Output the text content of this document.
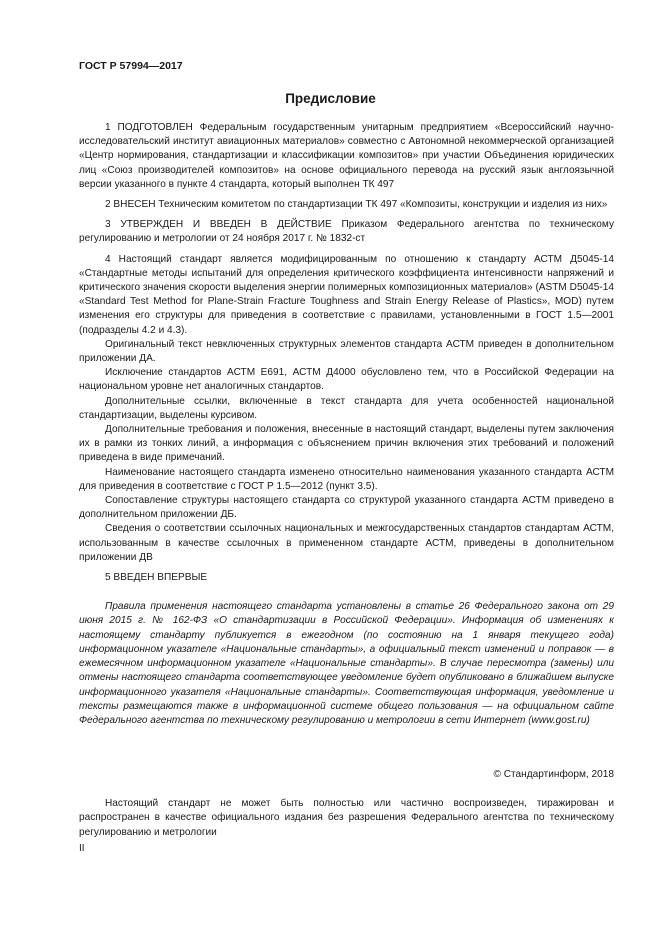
ГОСТ Р 57994—2017
Предисловие

1 ПОДГОТОВЛЕН Федеральным государственным унитарным предприятием «Всероссийский научно-исследовательский институт авиационных материалов» совместно с Автономной некоммерческой организацией «Центр нормирования, стандартизации и классификации композитов» при участии Объединения юридических лиц «Союз производителей композитов» на основе официального перевода на русский язык англоязычной версии указанного в пункте 4 стандарта, который выполнен ТК 497

2 ВНЕСЕН Техническим комитетом по стандартизации ТК 497 «Композиты, конструкции и изделия из них»

3 УТВЕРЖДЕН И ВВЕДЕН В ДЕЙСТВИЕ Приказом Федерального агентства по техническому регулированию и метрологии от 24 ноября 2017 г. № 1832-ст

4 Настоящий стандарт является модифицированным по отношению к стандарту АСТМ Д5045-14 «Стандартные методы испытаний для определения критического коэффициента интенсивности напряжений и критического значения скорости выделения энергии полимерных композиционных материалов» (ASTM D5045-14 «Standard Test Method for Plane-Strain Fracture Toughness and Strain Energy Release of Plastics», MOD) путем изменения его структуры для приведения в соответствие с правилами, установленными в ГОСТ 1.5—2001 (подразделы 4.2 и 4.3).

Оригинальный текст невключенных структурных элементов стандарта АСТМ приведен в дополнительном приложении ДА.

Исключение стандартов АСТМ Е691, АСТМ Д4000 обусловлено тем, что в Российской Федерации на национальном уровне нет аналогичных стандартов.

Дополнительные ссылки, включенные в текст стандарта для учета особенностей национальной стандартизации, выделены курсивом.

Дополнительные требования и положения, внесенные в настоящий стандарт, выделены путем заключения их в рамки из тонких линий, а информация с объяснением причин включения этих требований и положений приведена в виде примечаний.

Наименование настоящего стандарта изменено относительно наименования указанного стандарта АСТМ для приведения в соответствие с ГОСТ Р 1.5—2012 (пункт 3.5).

Сопоставление структуры настоящего стандарта со структурой указанного стандарта АСТМ приведено в дополнительном приложении ДБ.

Сведения о соответствии ссылочных национальных и межгосударственных стандартов стандартам АСТМ, использованным в качестве ссылочных в примененном стандарте АСТМ, приведены в дополнительном приложении ДВ

5 ВВЕДЕН ВПЕРВЫЕ

Правила применения настоящего стандарта установлены в статье 26 Федерального закона от 29 июня 2015 г. № 162-ФЗ «О стандартизации в Российской Федерации». Информация об изменениях к настоящему стандарту публикуется в ежегодном (по состоянию на 1 января текущего года) информационном указателе «Национальные стандарты», а официальный текст изменений и поправок — в ежемесячном информационном указателе «Национальные стандарты». В случае пересмотра (замены) или отмены настоящего стандарта соответствующее уведомление будет опубликовано в ближайшем выпуске информационного указателя «Национальные стандарты». Соответствующая информация, уведомление и тексты размещаются также в информационной системе общего пользования — на официальном сайте Федерального агентства по техническому регулированию и метрологии в сети Интернет (www.gost.ru)

© Стандартинформ, 2018

Настоящий стандарт не может быть полностью или частично воспроизведен, тиражирован и распространен в качестве официального издания без разрешения Федерального агентства по техническому регулированию и метрологии

II
